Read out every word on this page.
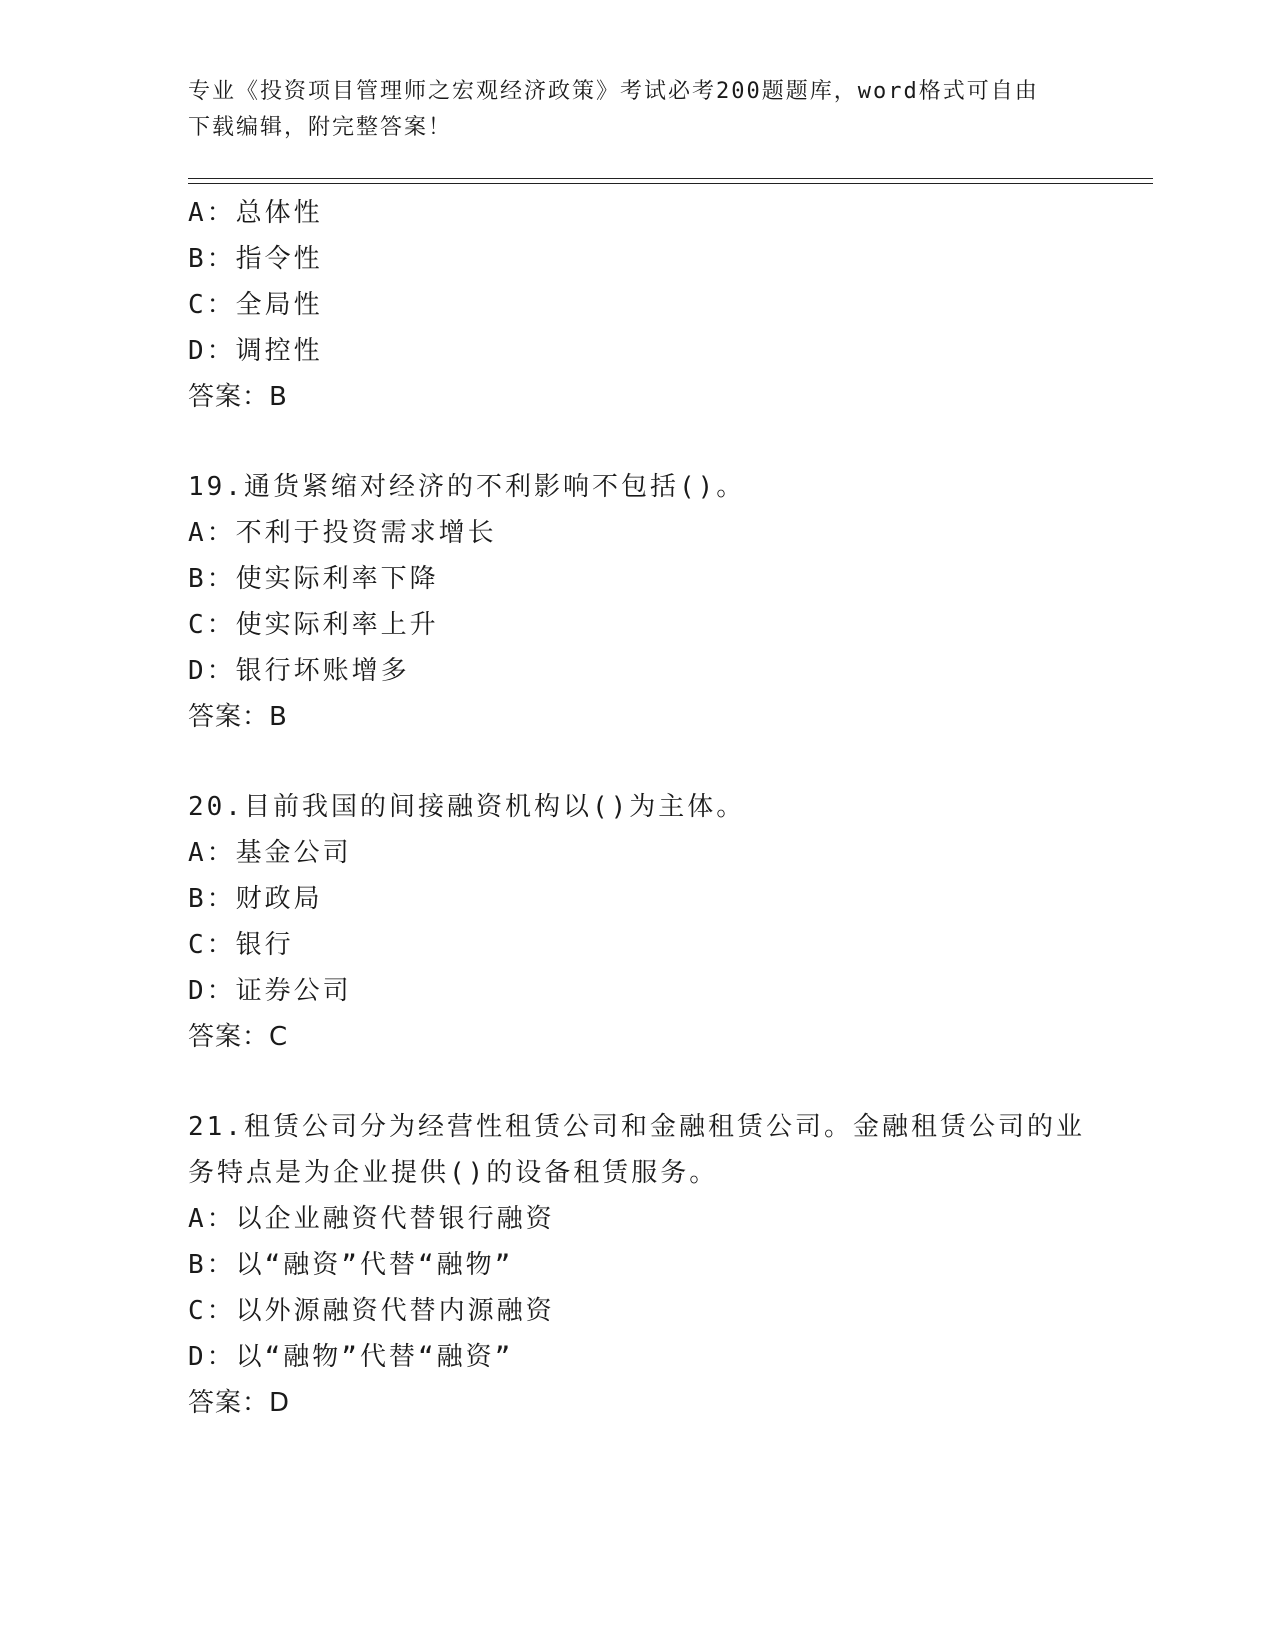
专业《投资项目管理师之宏观经济政策》考试必考200题题库，word格式可自由
下载编辑，附完整答案！
A：总体性
B：指令性
C：全局性
D：调控性
答案：B
19.通货紧缩对经济的不利影响不包括()。
A：不利于投资需求增长
B：使实际利率下降
C：使实际利率上升
D：银行坏账增多
答案：B
20.目前我国的间接融资机构以()为主体。
A：基金公司
B：财政局
C：银行
D：证券公司
答案：C
21.租赁公司分为经营性租赁公司和金融租赁公司。金融租赁公司的业
务特点是为企业提供()的设备租赁服务。
A：以企业融资代替银行融资
B：以“融资”代替“融物”
C：以外源融资代替内源融资
D：以“融物”代替“融资”
答案：D
